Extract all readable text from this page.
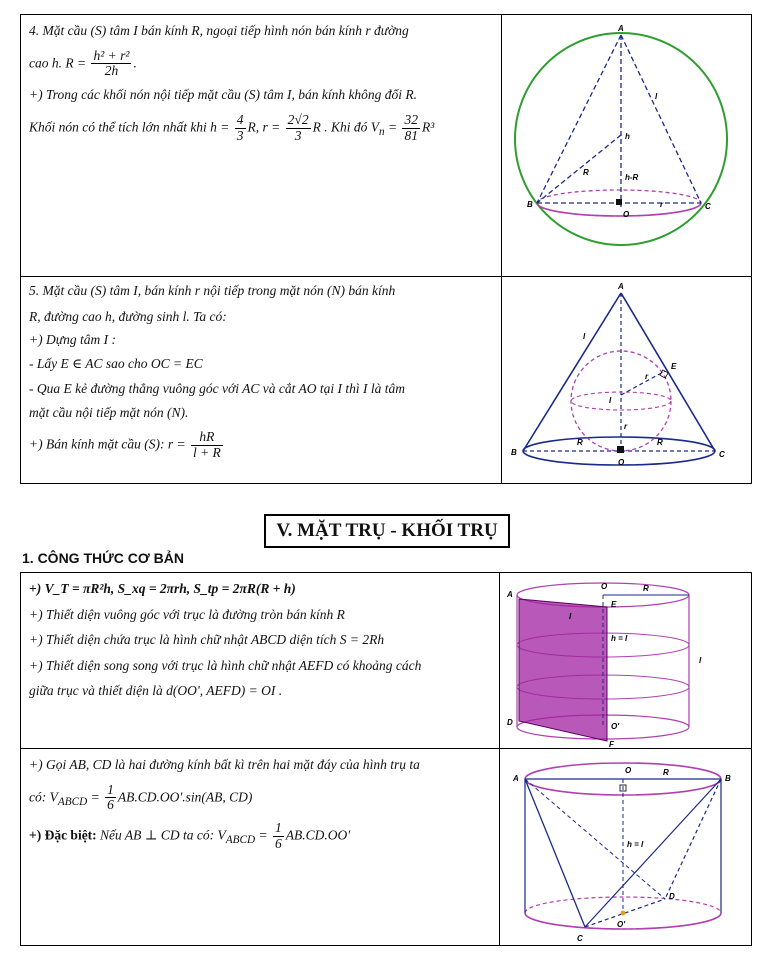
4. Mặt cầu (S) tâm I bán kính R, ngoại tiếp hình nón bán kính r đường

cao h. $R = \frac{\text{h² + r²}}{2h}$ .

+) Trong các khối nón nội tiếp mặt cầu (S) tâm I, bán kính không đổi R.

Khối nón có thể tích lớn nhất khi $h = \frac{4}{3} R$, $r = \frac{2√2}{3}$ R . Khi đó $V_n = \frac{32}{81} R^3$

A
B	C
O
l
h
h-R
R
r

5. Mặt cầu (S) tâm I, bán kính r nội tiếp trong mặt nón (N) bán kính

R, đường cao h, đường sinh l. Ta có:

+) Dựng tâm I :

- Lấy E ∈ AC sao cho OC = EC

- Qua E kẻ đường thẳng vuông góc với AC và cắt AO tại I thì I là tâm

mặt cầu nội tiếp mặt nón (N).

+) Bán kính mặt cầu (S): $r = \frac{hR}{l + R}$

A
B	C
O
E
I
l
r
r
R	R
V. MẶT TRỤ - KHỐI TRỤ
1. CÔNG THỨC CƠ BẢN

+) V_T = πR²h, S_xq = 2πrh, S_tp = 2πR(R + h)

+) Thiết diện vuông góc với trục là đường tròn bán kính R

+) Thiết diện chứa trục là hình chữ nhật ABCD diện tích S = 2Rh

+) Thiết diện song song với trục là hình chữ nhật AEFD có khoảng cách

giữa trục và thiết diện là d(OO', AEFD) = OI .

A
O	R
E
I
h = l
l
D	O'
F

+) Gọi AB, CD là hai đường kính bất kì trên hai mặt đáy của hình trụ ta

có: $V_{ABCD} = \frac{1}{6} AB.CD.OO'.\sin(AB$, CD)

+) Đặc biệt: Nếu AB ⊥ CD ta có: $V_{ABCD} = \frac{1}{6} AB.CD.OO'$

A	B
R
O
h = l
D
O'
C
